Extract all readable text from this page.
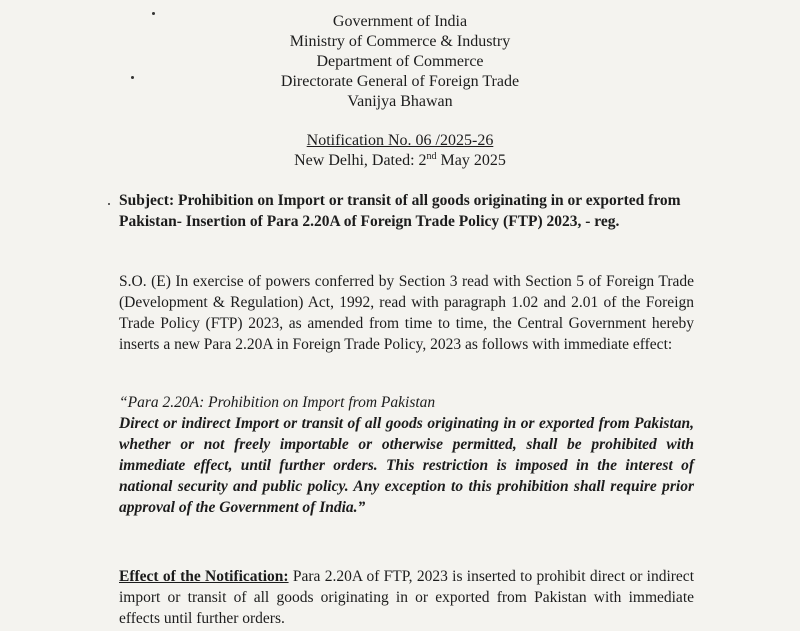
Government of India
Ministry of Commerce & Industry
Department of Commerce
Directorate General of Foreign Trade
Vanijya Bhawan
Notification No. 06 /2025-26
New Delhi, Dated: 2nd May 2025
Subject: Prohibition on Import or transit of all goods originating in or exported from Pakistan- Insertion of Para 2.20A of Foreign Trade Policy (FTP) 2023, - reg.
S.O. (E) In exercise of powers conferred by Section 3 read with Section 5 of Foreign Trade (Development & Regulation) Act, 1992, read with paragraph 1.02 and 2.01 of the Foreign Trade Policy (FTP) 2023, as amended from time to time, the Central Government hereby inserts a new Para 2.20A in Foreign Trade Policy, 2023 as follows with immediate effect:
“Para 2.20A: Prohibition on Import from Pakistan
Direct or indirect Import or transit of all goods originating in or exported from Pakistan, whether or not freely importable or otherwise permitted, shall be prohibited with immediate effect, until further orders. This restriction is imposed in the interest of national security and public policy. Any exception to this prohibition shall require prior approval of the Government of India.”
Effect of the Notification: Para 2.20A of FTP, 2023 is inserted to prohibit direct or indirect import or transit of all goods originating in or exported from Pakistan with immediate effects until further orders.
